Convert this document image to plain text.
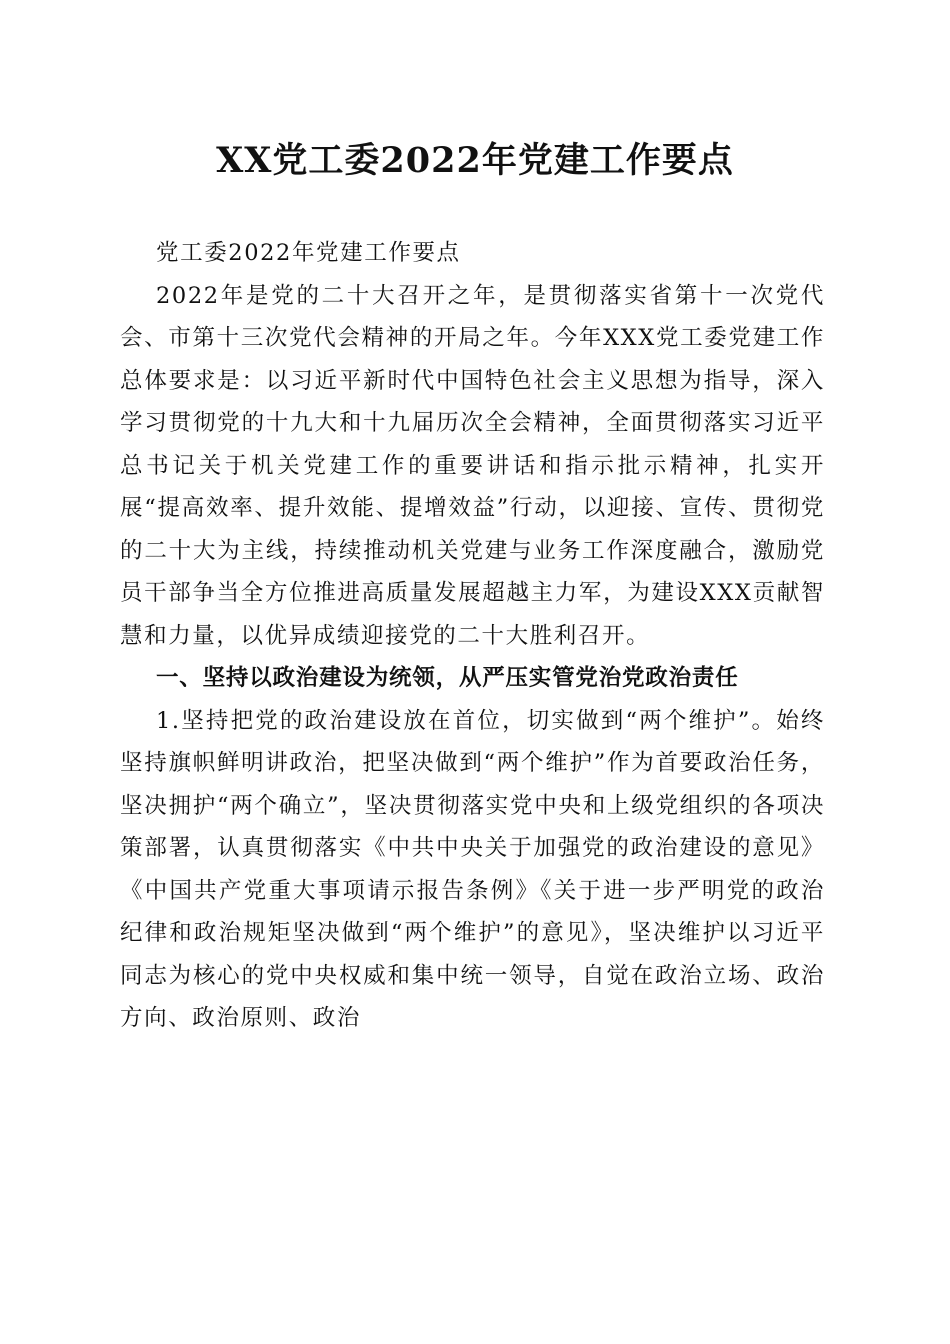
XX党工委2022年党建工作要点

党工委2022年党建工作要点

2022年是党的二十大召开之年，是贯彻落实省第十一次党代会、市第十三次党代会精神的开局之年。今年XXX党工委党建工作总体要求是：以习近平新时代中国特色社会主义思想为指导，深入学习贯彻党的十九大和十九届历次全会精神，全面贯彻落实习近平总书记关于机关党建工作的重要讲话和指示批示精神，扎实开展“提高效率、提升效能、提增效益”行动，以迎接、宣传、贯彻党的二十大为主线，持续推动机关党建与业务工作深度融合，激励党员干部争当全方位推进高质量发展超越主力军，为建设XXX贡献智慧和力量，以优异成绩迎接党的二十大胜利召开。

一、坚持以政治建设为统领，从严压实管党治党政治责任

1.坚持把党的政治建设放在首位，切实做到“两个维护”。始终坚持旗帜鲜明讲政治，把坚决做到“两个维护”作为首要政治任务，坚决拥护“两个确立”，坚决贯彻落实党中央和上级党组织的各项决策部署，认真贯彻落实《中共中央关于加强党的政治建设的意见》《中国共产党重大事项请示报告条例》《关于进一步严明党的政治纪律和政治规矩坚决做到“两个维护”的意见》，坚决维护以习近平同志为核心的党中央权威和集中统一领导，自觉在政治立场、政治方向、政治原则、政治
